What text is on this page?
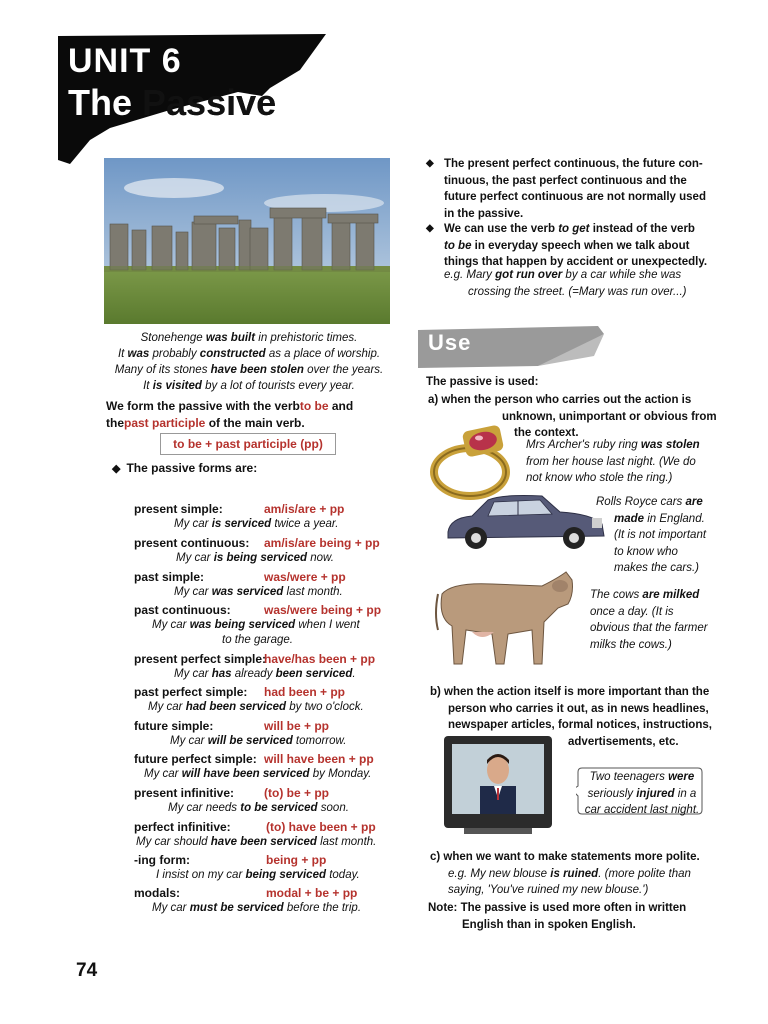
UNIT 6
The Passive
Stonehenge was built in prehistoric times.
It was probably constructed as a place of worship.
Many of its stones have been stolen over the years.
It is visited by a lot of tourists every year.
We form the passive with the verbto be and thepast participle of the main verb.
to be + past participle (pp)
◆ The passive forms are:
present simple:	am/is/are + pp
My car is serviced twice a year.
present continuous: am/is/are being + pp
My car is being serviced now.
past simple:	was/were + pp
My car was serviced last month.
past continuous:	was/were being + pp
My car was being serviced when I went
to the garage.
present perfect simple:
have/has been + pp
My car has already been serviced.
past perfect simple: had been + pp
My car had been serviced by two o'clock.
future simple:	will be + pp
My car will be serviced tomorrow.
future perfect simple: will have been + pp
My car will have been serviced by Monday.
present infinitive: (to) be + pp
My car needs to be serviced soon.
perfect infinitive:	(to) have been + pp
My car should have been serviced last month.
-ing form:	being + pp
I insist on my car being serviced today.
modals:	modal + be + pp
My car must be serviced before the trip.
◆ The present perfect continuous, the future con-
tinuous, the past perfect continuous and the
future perfect continuous are not normally used
in the passive.
◆ We can use the verb to get instead of the verb
to be in everyday speech when we talk about
things that happen by accident or unexpectedly.
e.g. Mary got run over by a car while she was
crossing the street. (=Mary was run over...)
Use
The passive is used:
a) when the person who carries out the action is
unknown, unimportant or obvious from
the context.
Mrs Archer's ruby ring was stolen
from her house last night. (We do
not know who stole the ring.)
Rolls Royce cars are
made in England.
(It is not important
to know who
makes the cars.)
The cows are milked
once a day. (It is
obvious that the farmer
milks the cows.)
b) when the action itself is more important than the
person who carries it out, as in news headlines,
newspaper articles, formal notices, instructions,
advertisements, etc.
Two teenagers were
seriously injured in a
car accident last night.
c) when we want to make statements more polite.
e.g. My new blouse is ruined. (more polite than
saying, 'You've ruined my new blouse.')
Note: The passive is used more often in written
English than in spoken English.
74
